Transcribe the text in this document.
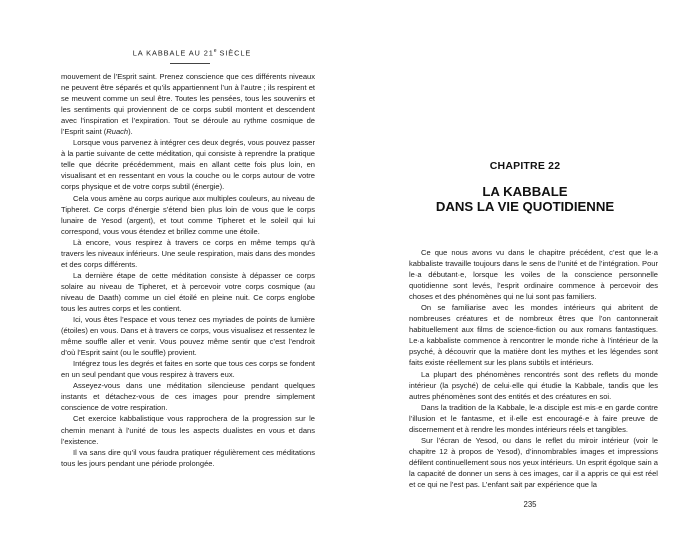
LA KABBALE AU 21e SIÈCLE

mouvement de l’Esprit saint. Prenez conscience que ces différents niveaux ne peuvent être séparés et qu’ils appartiennent l’un à l’autre ; ils respirent et se meuvent comme un seul être. Toutes les pensées, tous les souvenirs et les sentiments qui proviennent de ce corps subtil montent et descendent avec l’inspiration et l’expiration. Tout se déroule au rythme cosmique de l’Esprit saint (Ruach).

Lorsque vous parvenez à intégrer ces deux degrés, vous pouvez passer à la partie suivante de cette méditation, qui consiste à reprendre la pratique telle que décrite précédemment, mais en allant cette fois plus loin, en visualisant et en ressentant en vous la couche ou le corps autour de votre corps physique et de votre corps subtil (énergie).

Cela vous amène au corps aurique aux multiples couleurs, au niveau de Tipheret. Ce corps d’énergie s’étend bien plus loin de vous que le corps lunaire de Yesod (argent), et tout comme Tipheret et le soleil qui lui correspond, vous vous étendez et brillez comme une étoile.

Là encore, vous respirez à travers ce corps en même temps qu’à travers les niveaux inférieurs. Une seule respiration, mais dans des mondes et des corps différents.

La dernière étape de cette méditation consiste à dépasser ce corps solaire au niveau de Tipheret, et à percevoir votre corps cosmique (au niveau de Daath) comme un ciel étoilé en pleine nuit. Ce corps englobe tous les autres corps et les contient.

Ici, vous êtes l’espace et vous tenez ces myriades de points de lumière (étoiles) en vous. Dans et à travers ce corps, vous visualisez et ressentez le même souffle aller et venir. Vous pouvez même sentir que c’est l’endroit d’où l’Esprit saint (ou le souffle) provient.

Intégrez tous les degrés et faites en sorte que tous ces corps se fondent en un seul pendant que vous respirez à travers eux.

Asseyez-vous dans une méditation silencieuse pendant quelques instants et détachez-vous de ces images pour prendre simplement conscience de votre respiration.

Cet exercice kabbalistique vous rapprochera de la progression sur le chemin menant à l’unité de tous les aspects dualistes en vous et dans l’existence.

Il va sans dire qu’il vous faudra pratiquer régulièrement ces méditations tous les jours pendant une période prolongée.

CHAPITRE 22
LA KABBALE
DANS LA VIE QUOTIDIENNE

Ce que nous avons vu dans le chapitre précédent, c’est que le·a kabbaliste travaille toujours dans le sens de l’unité et de l’intégration. Pour le·a débutant·e, lorsque les voiles de la conscience personnelle quotidienne sont levés, l’esprit ordinaire commence à percevoir des choses et des phénomènes qui ne lui sont pas familiers.

On se familiarise avec les mondes intérieurs qui abritent de nombreuses créatures et de nombreux êtres que l’on cantonnerait habituellement aux films de science-fiction ou aux romans fantastiques. Le·a kabbaliste commence à rencontrer le monde riche à l’intérieur de la psyché, à découvrir que la matière dont les mythes et les légendes sont faits existe réellement sur les plans subtils et intérieurs.

La plupart des phénomènes rencontrés sont des reflets du monde intérieur (la psyché) de celui·elle qui étudie la Kabbale, tandis que les autres phénomènes sont des entités et des créatures en soi.

Dans la tradition de la Kabbale, le·a disciple est mis·e en garde contre l’illusion et le fantasme, et il·elle est encouragé·e à faire preuve de discernement et à rendre les mondes intérieurs réels et tangibles.

Sur l’écran de Yesod, ou dans le reflet du miroir intérieur (voir le chapitre 12 à propos de Yesod), d’innombrables images et impressions défilent continuellement sous nos yeux intérieurs. Un esprit égoïque sain a la capacité de donner un sens à ces images, car il a appris ce qui est réel et ce qui ne l’est pas. L’enfant sait par expérience que la

235
